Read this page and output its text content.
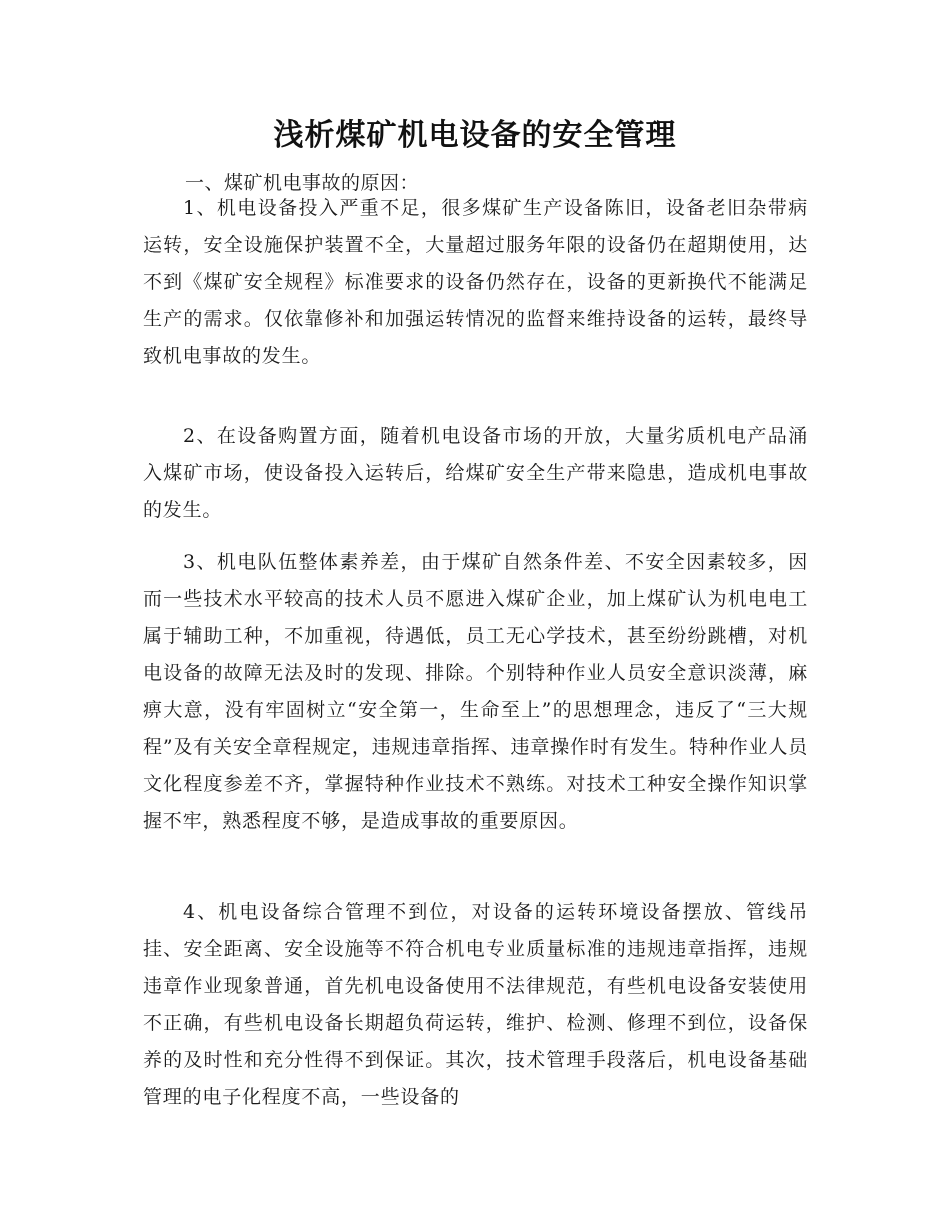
浅析煤矿机电设备的安全管理
一、煤矿机电事故的原因：
1、机电设备投入严重不足，很多煤矿生产设备陈旧，设备老旧杂带病运转，安全设施保护装置不全，大量超过服务年限的设备仍在超期使用，达不到《煤矿安全规程》标准要求的设备仍然存在，设备的更新换代不能满足生产的需求。仅依靠修补和加强运转情况的监督来维持设备的运转，最终导致机电事故的发生。
2、在设备购置方面，随着机电设备市场的开放，大量劣质机电产品涌入煤矿市场，使设备投入运转后，给煤矿安全生产带来隐患，造成机电事故的发生。
3、机电队伍整体素养差，由于煤矿自然条件差、不安全因素较多，因而一些技术水平较高的技术人员不愿进入煤矿企业，加上煤矿认为机电电工属于辅助工种，不加重视，待遇低，员工无心学技术，甚至纷纷跳槽，对机电设备的故障无法及时的发现、排除。个别特种作业人员安全意识淡薄，麻痹大意，没有牢固树立“安全第一，生命至上”的思想理念，违反了“三大规程”及有关安全章程规定，违规违章指挥、违章操作时有发生。特种作业人员文化程度参差不齐，掌握特种作业技术不熟练。对技术工种安全操作知识掌握不牢，熟悉程度不够，是造成事故的重要原因。
4、机电设备综合管理不到位，对设备的运转环境设备摆放、管线吊挂、安全距离、安全设施等不符合机电专业质量标准的违规违章指挥，违规违章作业现象普通，首先机电设备使用不法律规范，有些机电设备安装使用不正确，有些机电设备长期超负荷运转，维护、检测、修理不到位，设备保养的及时性和充分性得不到保证。其次，技术管理手段落后，机电设备基础管理的电子化程度不高，一些设备的
